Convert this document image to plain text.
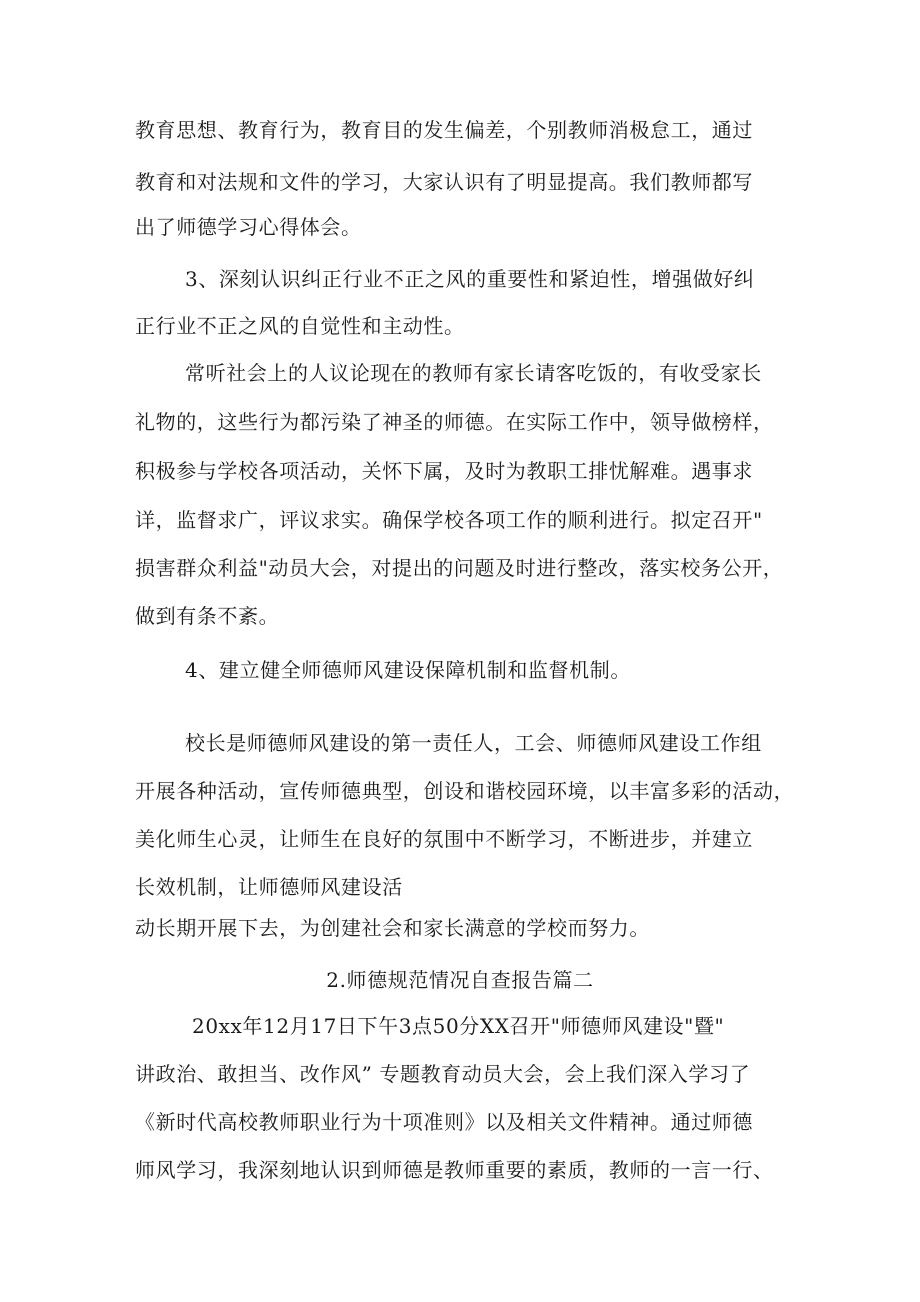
教育思想、教育行为，教育目的发生偏差，个别教师消极怠工，通过
教育和对法规和文件的学习，大家认识有了明显提高。我们教师都写
出了师德学习心得体会。
3、深刻认识纠正行业不正之风的重要性和紧迫性，增强做好纠
正行业不正之风的自觉性和主动性。
常听社会上的人议论现在的教师有家长请客吃饭的，有收受家长
礼物的，这些行为都污染了神圣的师德。在实际工作中，领导做榜样，
积极参与学校各项活动，关怀下属，及时为教职工排忧解难。遇事求
详，监督求广，评议求实。确保学校各项工作的顺利进行。拟定召开"
损害群众利益"动员大会，对提出的问题及时进行整改，落实校务公开，
做到有条不紊。
4、建立健全师德师风建设保障机制和监督机制。
校长是师德师风建设的第一责任人，工会、师德师风建设工作组
开展各种活动，宣传师德典型，创设和谐校园环境，以丰富多彩的活动，
美化师生心灵，让师生在良好的氛围中不断学习，不断进步，并建立
长效机制，让师德师风建设活
动长期开展下去，为创建社会和家长满意的学校而努力。
2.师德规范情况自查报告篇二
20xx年12月17日下午3点50分XX召开"师德师风建设"暨"
讲政治、敢担当、改作风” 专题教育动员大会，会上我们深入学习了
《新时代高校教师职业行为十项准则》以及相关文件精神。通过师德
师风学习，我深刻地认识到师德是教师重要的素质，教师的一言一行、
